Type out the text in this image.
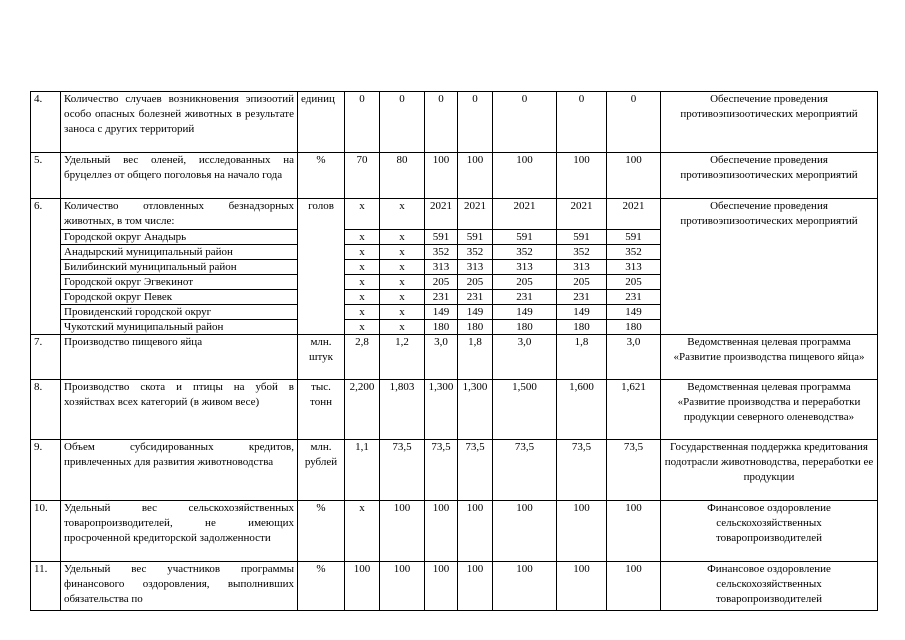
4.	Количество случаев возникновения эпизоотий особо опасных болезней животных в результате заноса с других территорий	единиц	0	0	0	0	0	0	0	Обеспечение проведения противоэпизоотических мероприятий
5.	Удельный вес оленей, исследованных на бруцеллез от общего поголовья на начало года	%	70	80	100	100	100	100	100	Обеспечение проведения противоэпизоотических мероприятий
6.	Количество отловленных безнадзорных животных, в том числе:	голов	х	х	2021	2021	2021	2021	2021	Обеспечение проведения противоэпизоотических мероприятий
	Городской округ Анадырь		х	х	591	591	591	591	591	
	Анадырский муниципальный район		х	х	352	352	352	352	352	
	Билибинский муниципальный район		х	х	313	313	313	313	313	
	Городской округ Эгвекинот		х	х	205	205	205	205	205	
	Городской округ Певек		х	х	231	231	231	231	231	
	Провиденский городской округ		х	х	149	149	149	149	149	
	Чукотский муниципальный район		х	х	180	180	180	180	180	
7.	Производство пищевого яйца	млн. штук	2,8	1,2	3,0	1,8	3,0	1,8	3,0	Ведомственная целевая программа «Развитие производства пищевого яйца»
8.	Производство скота и птицы на убой в хозяйствах всех категорий (в живом весе)	тыс. тонн	2,200	1,803	1,300	1,300	1,500	1,600	1,621	Ведомственная целевая программа «Развитие производства и переработки продукции северного оленеводства»
9.	Объем субсидированных кредитов, привлеченных для развития животноводства	млн. рублей	1,1	73,5	73,5	73,5	73,5	73,5	73,5	Государственная поддержка кредитования подотрасли животноводства, переработки ее продукции
10.	Удельный вес сельскохозяйственных товаропроизводителей, не имеющих просроченной кредиторской задолженности	%	х	100	100	100	100	100	100	Финансовое оздоровление сельскохозяйственных товаропроизводителей
11.	Удельный вес участников программы финансового оздоровления, выполнивших обязательства по	%	100	100	100	100	100	100	100	Финансовое оздоровление сельскохозяйственных товаропроизводителей
